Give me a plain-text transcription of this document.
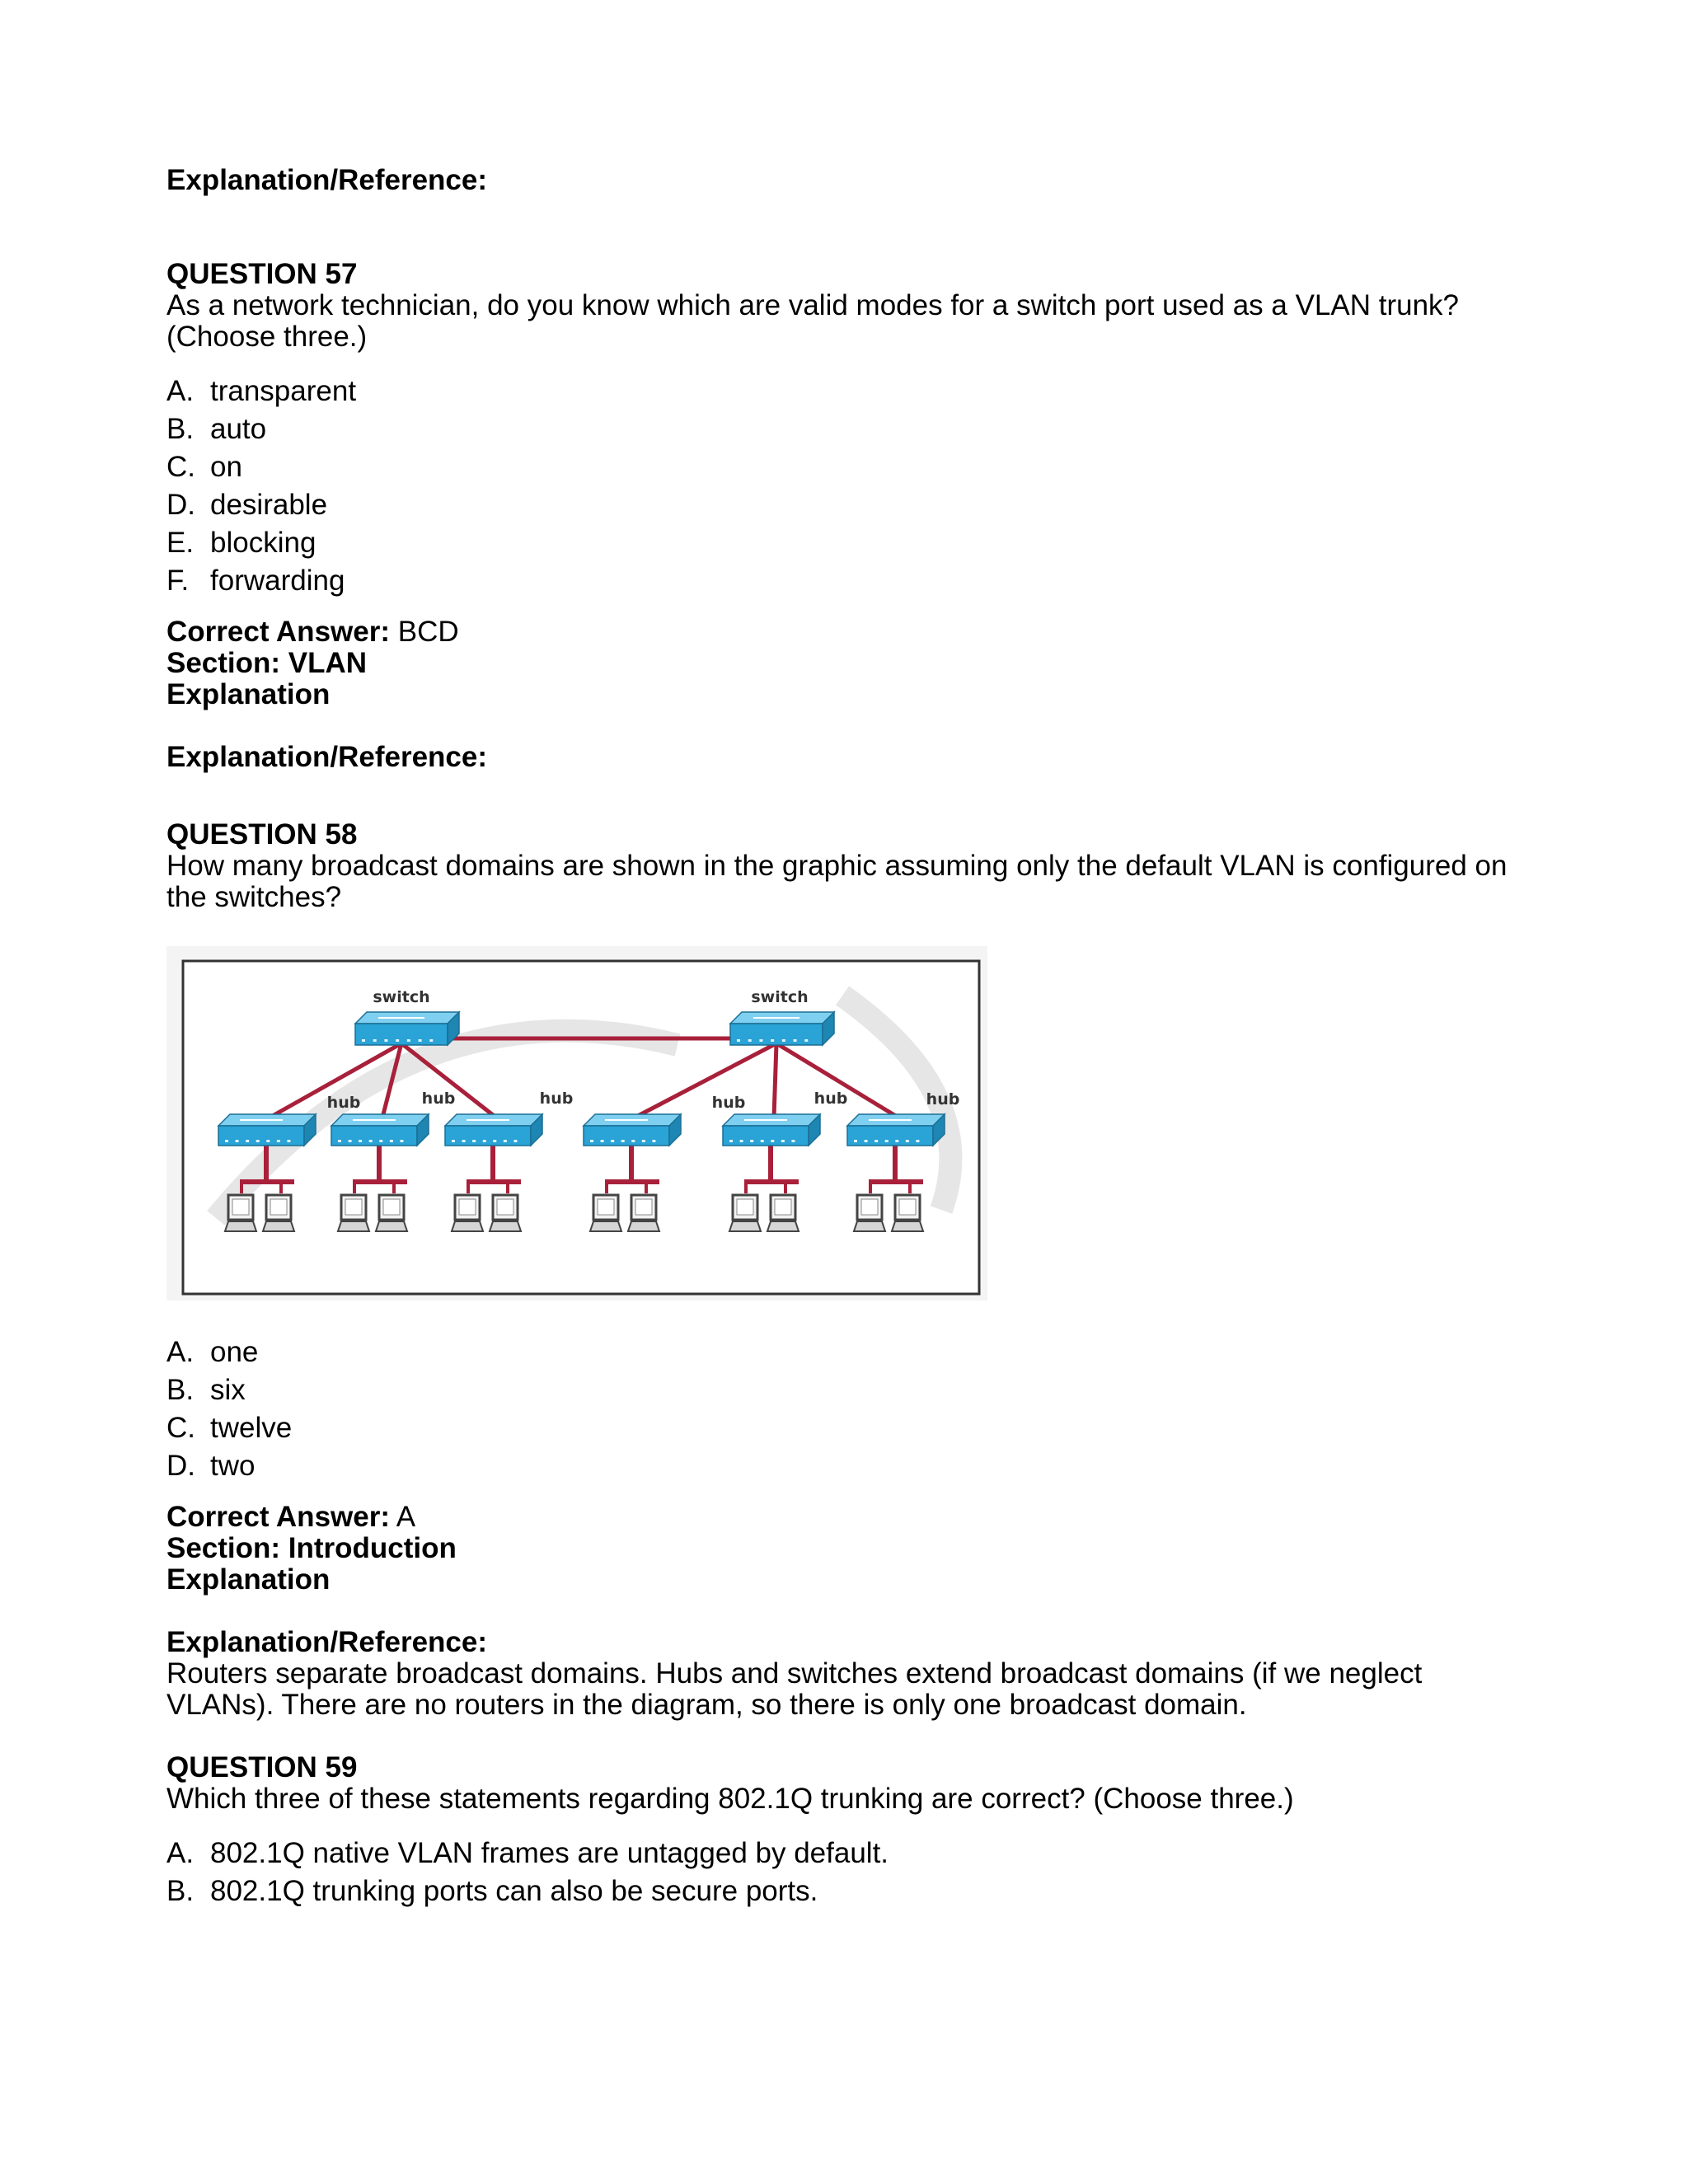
Explanation/Reference:

QUESTION 57

As a network technician, do you know which are valid modes for a switch port used as a VLAN trunk? (Choose three.)

A. transparent
B. auto
C. on
D. desirable
E. blocking
F. forwarding

Correct Answer: BCD

Section: VLAN

Explanation

Explanation/Reference:

QUESTION 58

How many broadcast domains are shown in the graphic assuming only the default VLAN is configured on the switches?

switch	switch
hub	hub	hub	hub	hub	hub
A. one
B. six
C. twelve
D. two

Correct Answer: A

Section: Introduction

Explanation

Explanation/Reference:

Routers separate broadcast domains. Hubs and switches extend broadcast domains (if we neglect VLANs). There are no routers in the diagram, so there is only one broadcast domain.

QUESTION 59

Which three of these statements regarding 802.1Q trunking are correct? (Choose three.)

A. 802.1Q native VLAN frames are untagged by default.
B. 802.1Q trunking ports can also be secure ports.
